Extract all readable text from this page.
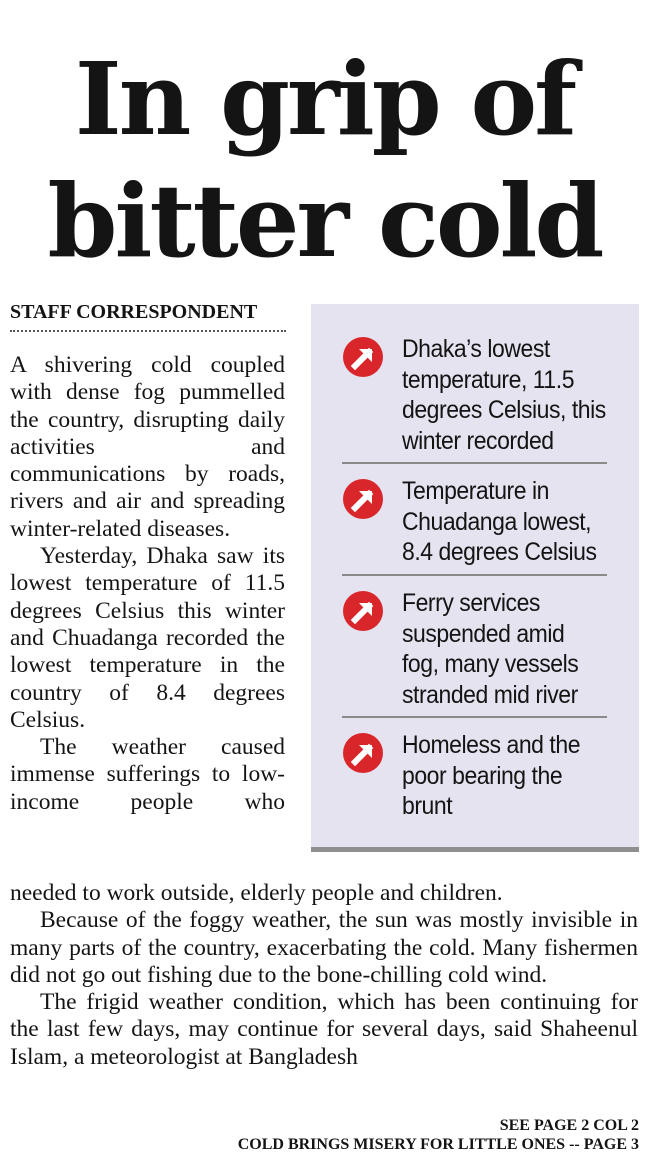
In grip of
bitter cold
STAFF CORRESPONDENT

A shivering cold coupled with dense fog pummelled the country, disrupting daily activities and communications by roads, rivers and air and spreading winter-related diseases.

Yesterday, Dhaka saw its lowest temperature of 11.5 degrees Celsius this winter and Chuadanga recorded the lowest temperature in the country of 8.4 degrees Celsius.

The weather caused immense sufferings to low-income people who

Dhaka’s lowest
temperature, 11.5
degrees Celsius, this
winter recorded
Temperature in
Chuadanga lowest,
8.4 degrees Celsius
Ferry services
suspended amid
fog, many vessels
stranded mid river
Homeless and the
poor bearing the
brunt

needed to work outside, elderly people and children.

Because of the foggy weather, the sun was mostly invisible in many parts of the country, exacerbating the cold. Many fishermen did not go out fishing due to the bone-chilling cold wind.

The frigid weather condition, which has been continuing for the last few days, may continue for several days, said Shaheenul Islam, a meteorologist at Bangladesh

SEE PAGE 2 COL 2
COLD BRINGS MISERY FOR LITTLE ONES -- PAGE 3
